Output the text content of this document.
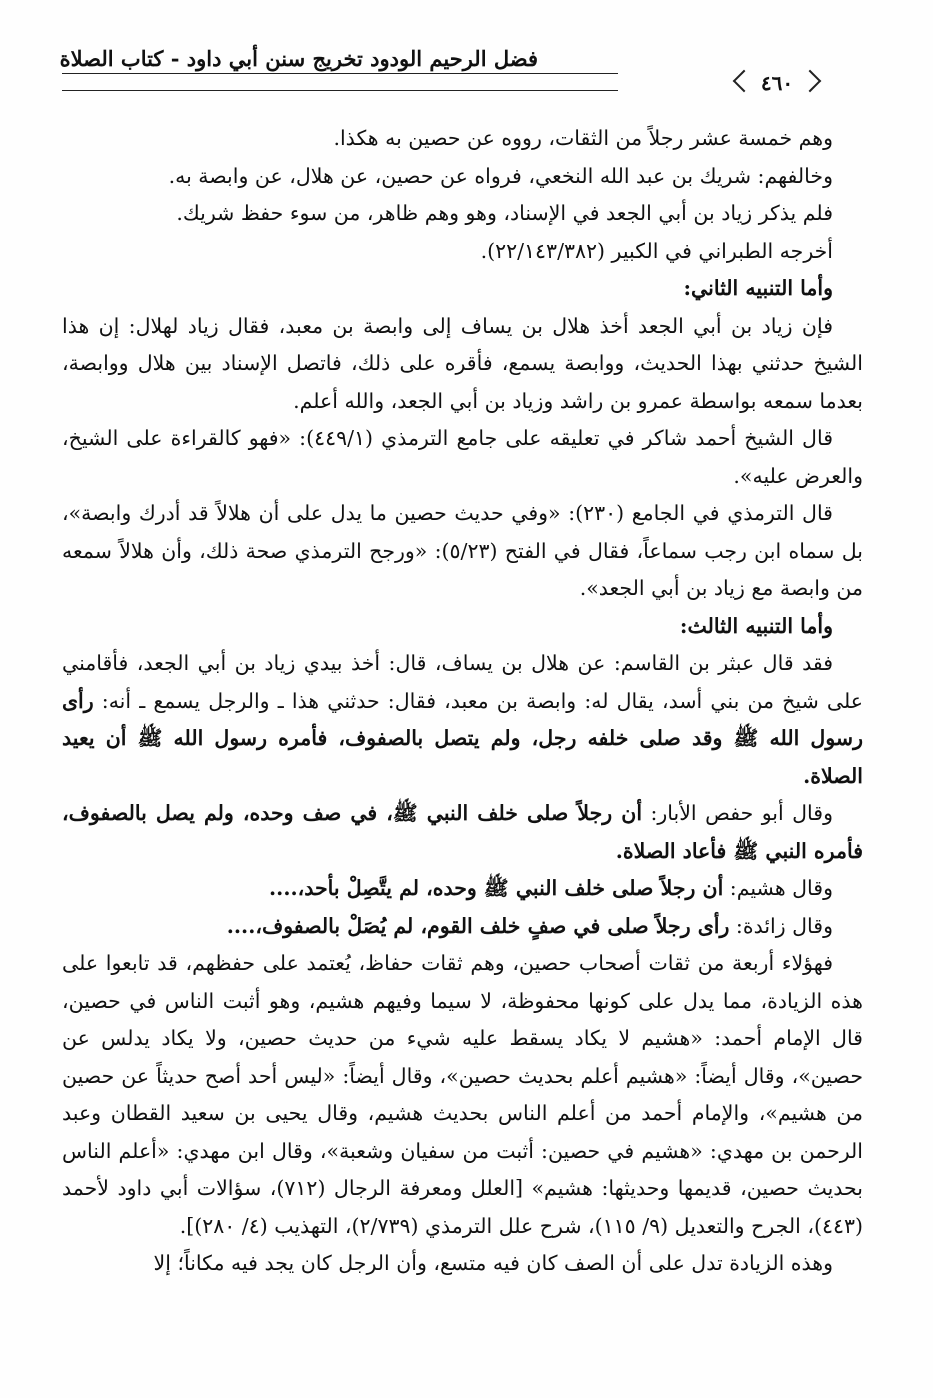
فضل الرحيم الودود تخريج سنن أبي داود - كتاب الصلاة
٤٦٠

وهم خمسة عشر رجلاً من الثقات، رووه عن حصين به هكذا.

وخالفهم: شريك بن عبد الله النخعي، فرواه عن حصين، عن هلال، عن وابصة به.

فلم يذكر زياد بن أبي الجعد في الإسناد، وهو وهم ظاهر، من سوء حفظ شريك.

أخرجه الطبراني في الكبير (٢٢/١٤٣/٣٨٢).

وأما التنبيه الثاني:

فإن زياد بن أبي الجعد أخذ هلال بن يساف إلى وابصة بن معبد، فقال زياد لهلال: إن هذا الشيخ حدثني بهذا الحديث، ووابصة يسمع، فأقره على ذلك، فاتصل الإسناد بين هلال ووابصة، بعدما سمعه بواسطة عمرو بن راشد وزياد بن أبي الجعد، والله أعلم.

قال الشيخ أحمد شاكر في تعليقه على جامع الترمذي (٤٤٩/١): «فهو كالقراءة على الشيخ، والعرض عليه».

قال الترمذي في الجامع (٢٣٠): «وفي حديث حصين ما يدل على أن هلالاً قد أدرك وابصة»، بل سماه ابن رجب سماعاً، فقال في الفتح (٥/٢٣): «ورجح الترمذي صحة ذلك، وأن هلالاً سمعه من وابصة مع زياد بن أبي الجعد».

وأما التنبيه الثالث:

فقد قال عبثر بن القاسم: عن هلال بن يساف، قال: أخذ بيدي زياد بن أبي الجعد، فأقامني على شيخ من بني أسد، يقال له: وابصة بن معبد، فقال: حدثني هذا ـ والرجل يسمع ـ أنه: رأى رسول الله ﷺ وقد صلى خلفه رجل، ولم يتصل بالصفوف، فأمره رسول الله ﷺ أن يعيد الصلاة.

وقال أبو حفص الأبار: أن رجلاً صلى خلف النبي ﷺ، في صف وحده، ولم يصل بالصفوف، فأمره النبي ﷺ فأعاد الصلاة.

وقال هشيم: أن رجلاً صلى خلف النبي ﷺ وحده، لم يتَّصِلْ بأحد،....

وقال زائدة: رأى رجلاً صلى في صفٍ خلف القوم، لم يُصَلْ بالصفوف،....

فهؤلاء أربعة من ثقات أصحاب حصين، وهم ثقات حفاظ، يُعتمد على حفظهم، قد تابعوا على هذه الزيادة، مما يدل على كونها محفوظة، لا سيما وفيهم هشيم، وهو أثبت الناس في حصين، قال الإمام أحمد: «هشيم لا يكاد يسقط عليه شيء من حديث حصين، ولا يكاد يدلس عن حصين»، وقال أيضاً: «هشيم أعلم بحديث حصين»، وقال أيضاً: «ليس أحد أصح حديثاً عن حصين من هشيم»، والإمام أحمد من أعلم الناس بحديث هشيم، وقال يحيى بن سعيد القطان وعبد الرحمن بن مهدي: «هشيم في حصين: أثبت من سفيان وشعبة»، وقال ابن مهدي: «أعلم الناس بحديث حصين، قديمها وحديثها: هشيم» [العلل ومعرفة الرجال (٧١٢)، سؤالات أبي داود لأحمد (٤٤٣)، الجرح والتعديل (٩/ ١١٥)، شرح علل الترمذي (٢/٧٣٩)، التهذيب (٤/ ٢٨٠)].

وهذه الزيادة تدل على أن الصف كان فيه متسع، وأن الرجل كان يجد فيه مكاناً؛ إلا
